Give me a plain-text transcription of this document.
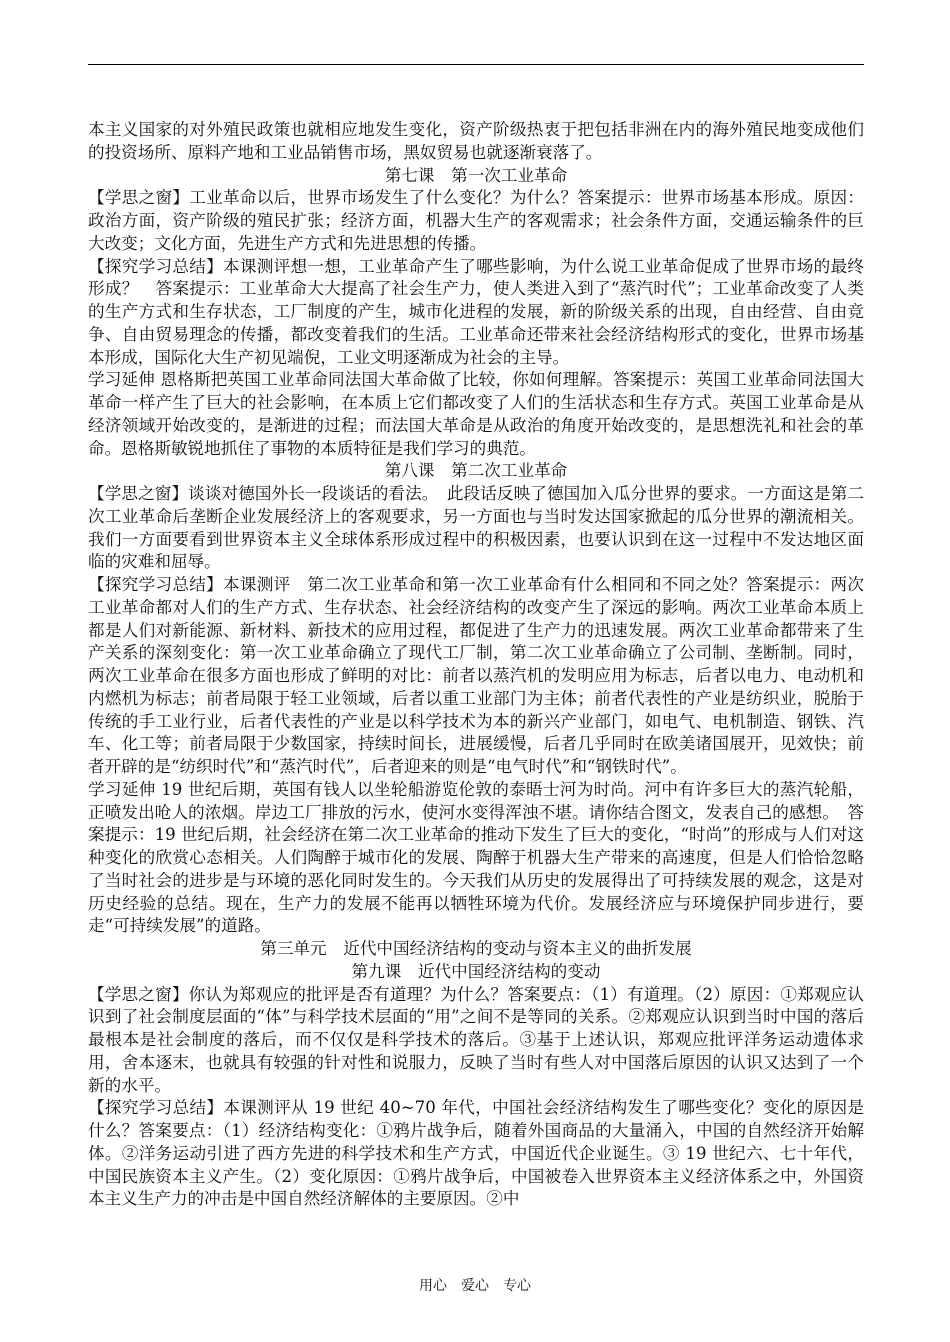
本主义国家的对外殖民政策也就相应地发生变化，资产阶级热衷于把包括非洲在内的海外殖民地变成他们的投资场所、原料产地和工业品销售市场，黑奴贸易也就逐渐衰落了。

第七课　第一次工业革命

【学思之窗】工业革命以后，世界市场发生了什么变化？为什么？答案提示：世界市场基本形成。原因：政治方面，资产阶级的殖民扩张；经济方面，机器大生产的客观需求；社会条件方面，交通运输条件的巨大改变；文化方面，先进生产方式和先进思想的传播。

【探究学习总结】本课测评想一想，工业革命产生了哪些影响，为什么说工业革命促成了世界市场的最终形成？　答案提示：工业革命大大提高了社会生产力，使人类进入到了“蒸汽时代”；工业革命改变了人类的生产方式和生存状态，工厂制度的产生，城市化进程的发展，新的阶级关系的出现，自由经营、自由竞争、自由贸易理念的传播，都改变着我们的生活。工业革命还带来社会经济结构形式的变化，世界市场基本形成，国际化大生产初见端倪，工业文明逐渐成为社会的主导。

学习延伸 恩格斯把英国工业革命同法国大革命做了比较，你如何理解。答案提示：英国工业革命同法国大革命一样产生了巨大的社会影响，在本质上它们都改变了人们的生活状态和生存方式。英国工业革命是从经济领域开始改变的，是渐进的过程；而法国大革命是从政治的角度开始改变的，是思想洗礼和社会的革命。恩格斯敏锐地抓住了事物的本质特征是我们学习的典范。

第八课　第二次工业革命

【学思之窗】谈谈对德国外长一段谈话的看法。　此段话反映了德国加入瓜分世界的要求。一方面这是第二次工业革命后垄断企业发展经济上的客观要求，另一方面也与当时发达国家掀起的瓜分世界的潮流相关。我们一方面要看到世界资本主义全球体系形成过程中的积极因素，也要认识到在这一过程中不发达地区面临的灾难和屈辱。

【探究学习总结】本课测评　第二次工业革命和第一次工业革命有什么相同和不同之处？答案提示：两次工业革命都对人们的生产方式、生存状态、社会经济结构的改变产生了深远的影响。两次工业革命本质上都是人们对新能源、新材料、新技术的应用过程，都促进了生产力的迅速发展。两次工业革命都带来了生产关系的深刻变化：第一次工业革命确立了现代工厂制，第二次工业革命确立了公司制、垄断制。同时，两次工业革命在很多方面也形成了鲜明的对比：前者以蒸汽机的发明应用为标志，后者以电力、电动机和内燃机为标志；前者局限于轻工业领域，后者以重工业部门为主体；前者代表性的产业是纺织业，脱胎于传统的手工业行业，后者代表性的产业是以科学技术为本的新兴产业部门，如电气、电机制造、钢铁、汽车、化工等；前者局限于少数国家，持续时间长，进展缓慢，后者几乎同时在欧美诸国展开，见效快；前者开辟的是“纺织时代”和“蒸汽时代”，后者迎来的则是“电气时代”和“钢铁时代”。

学习延伸 19 世纪后期，英国有钱人以坐轮船游览伦敦的泰晤士河为时尚。河中有许多巨大的蒸汽轮船，正喷发出呛人的浓烟。岸边工厂排放的污水，使河水变得浑浊不堪。请你结合图文，发表自己的感想。　答案提示：19 世纪后期，社会经济在第二次工业革命的推动下发生了巨大的变化，“时尚”的形成与人们对这种变化的欣赏心态相关。人们陶醉于城市化的发展、陶醉于机器大生产带来的高速度，但是人们恰恰忽略了当时社会的进步是与环境的恶化同时发生的。今天我们从历史的发展得出了可持续发展的观念，这是对历史经验的总结。现在，生产力的发展不能再以牺牲环境为代价。发展经济应与环境保护同步进行，要走“可持续发展”的道路。

第三单元　近代中国经济结构的变动与资本主义的曲折发展

第九课　近代中国经济结构的变动

【学思之窗】你认为郑观应的批评是否有道理？为什么？答案要点：（1）有道理。（2）原因：①郑观应认识到了社会制度层面的“体”与科学技术层面的“用”之间不是等同的关系。②郑观应认识到当时中国的落后最根本是社会制度的落后，而不仅仅是科学技术的落后。③基于上述认识，郑观应批评洋务运动遗体求用，舍本逐末，也就具有较强的针对性和说服力，反映了当时有些人对中国落后原因的认识又达到了一个新的水平。

【探究学习总结】本课测评从 19 世纪 40~70 年代，中国社会经济结构发生了哪些变化？变化的原因是什么？答案要点：（1）经济结构变化：①鸦片战争后，随着外国商品的大量涌入，中国的自然经济开始解体。②洋务运动引进了西方先进的科学技术和生产方式，中国近代企业诞生。③ 19 世纪六、七十年代，中国民族资本主义产生。（2）变化原因：①鸦片战争后，中国被卷入世界资本主义经济体系之中，外国资本主义生产力的冲击是中国自然经济解体的主要原因。②中

用心　爱心　专心
